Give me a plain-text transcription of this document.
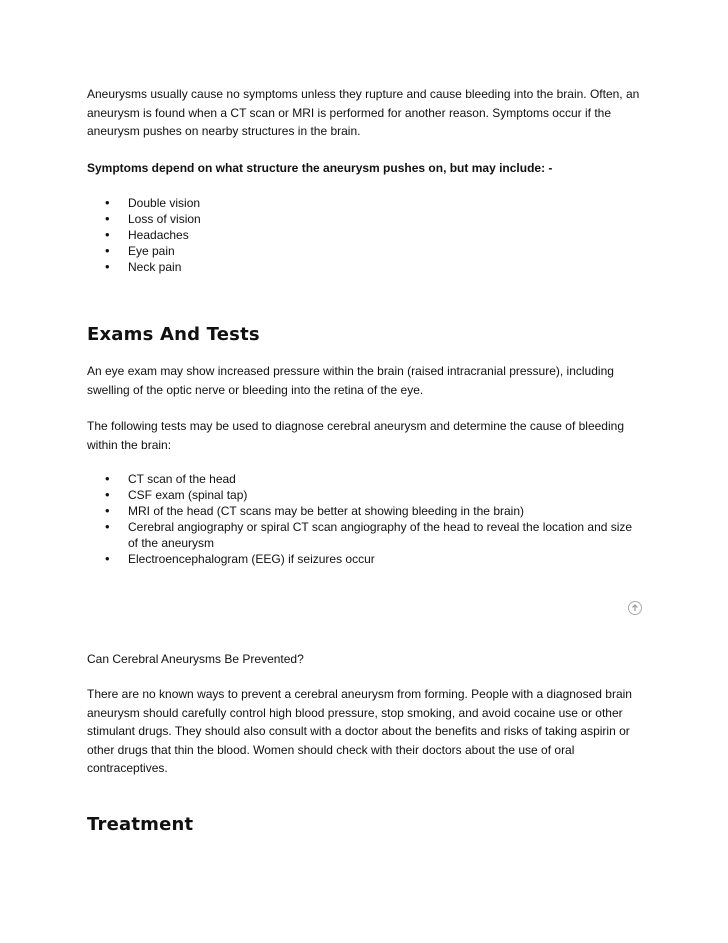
Aneurysms usually cause no symptoms unless they rupture and cause bleeding into the brain. Often, an aneurysm is found when a CT scan or MRI is performed for another reason. Symptoms occur if the aneurysm pushes on nearby structures in the brain.
Symptoms depend on what structure the aneurysm pushes on, but may include: -
• Double vision
• Loss of vision
• Headaches
• Eye pain
• Neck pain
Exams And Tests
An eye exam may show increased pressure within the brain (raised intracranial pressure), including swelling of the optic nerve or bleeding into the retina of the eye.
The following tests may be used to diagnose cerebral aneurysm and determine the cause of bleeding within the brain:
• CT scan of the head
• CSF exam (spinal tap)
• MRI of the head (CT scans may be better at showing bleeding in the brain)
• Cerebral angiography or spiral CT scan angiography of the head to reveal the location and size of the aneurysm
• Electroencephalogram (EEG) if seizures occur
Can Cerebral Aneurysms Be Prevented?
There are no known ways to prevent a cerebral aneurysm from forming. People with a diagnosed brain aneurysm should carefully control high blood pressure, stop smoking, and avoid cocaine use or other stimulant drugs. They should also consult with a doctor about the benefits and risks of taking aspirin or other drugs that thin the blood. Women should check with their doctors about the use of oral contraceptives.
Treatment
